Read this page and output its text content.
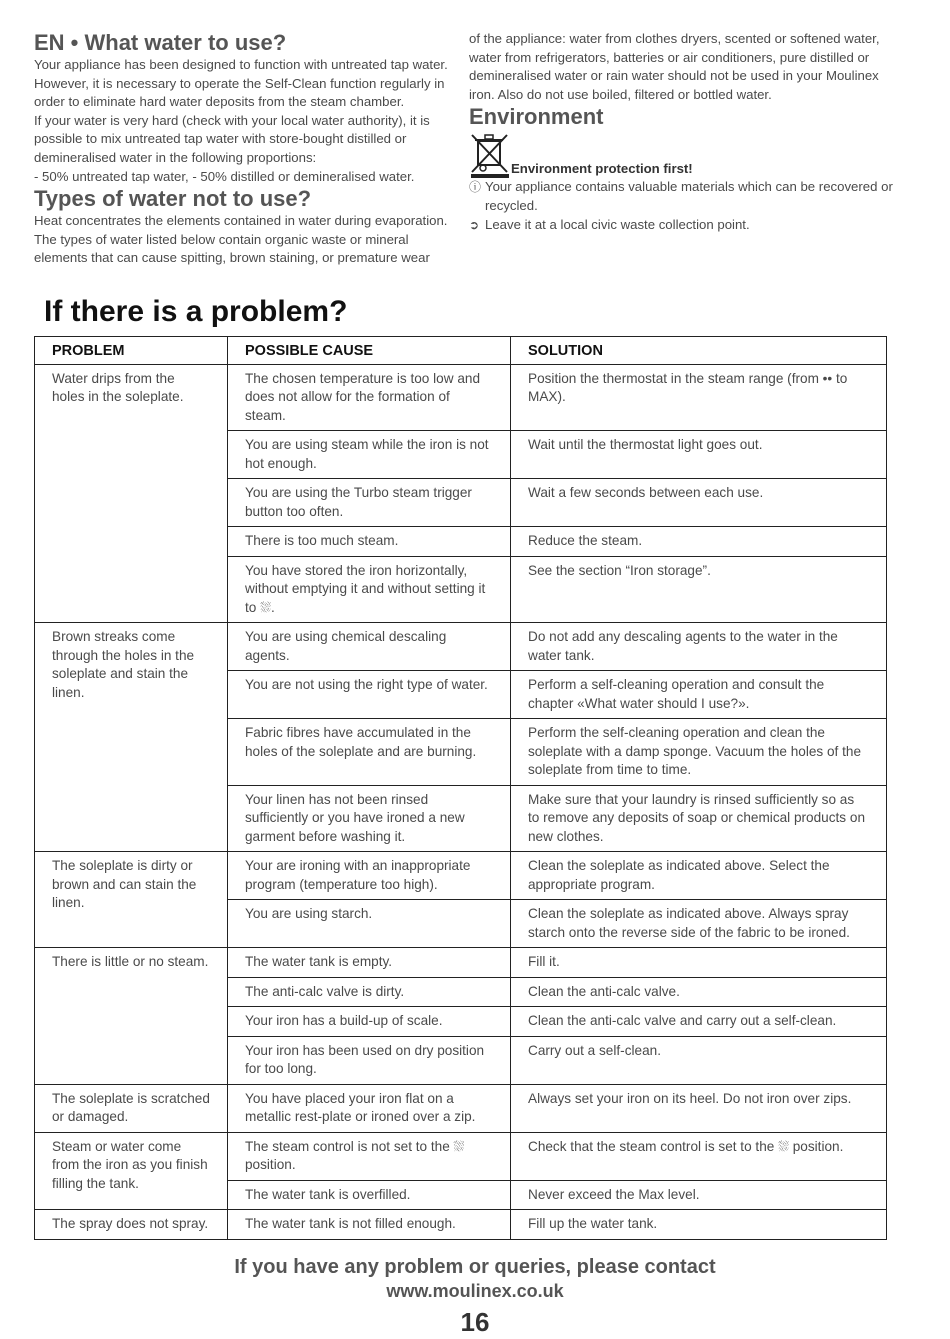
EN • What water to use?

Your appliance has been designed to function with untreated tap water. However, it is necessary to operate the Self-Clean function regularly in order to eliminate hard water deposits from the steam chamber.

If your water is very hard (check with your local water authority), it is possible to mix untreated tap water with store-bought distilled or demineralised water in the following proportions:

- 50% untreated tap water, - 50% distilled or demineralised water.

Types of water not to use?

Heat concentrates the elements contained in water during evaporation. The types of water listed below contain organic waste or mineral elements that can cause spitting, brown staining, or premature wear

of the appliance: water from clothes dryers, scented or softened water, water from refrigerators, batteries or air conditioners, pure distilled or demineralised water or rain water should not be used in your Moulinex iron. Also do not use boiled, filtered or bottled water.

Environment
Environment protection first!
ⓘ Your appliance contains valuable materials which can be recovered or recycled.
➲ Leave it at a local civic waste collection point.
If there is a problem?
PROBLEM	POSSIBLE CAUSE	SOLUTION
Water drips from the holes in the soleplate.	The chosen temperature is too low and does not allow for the formation of steam.	Position the thermostat in the steam range (from •• to MAX).
	You are using steam while the iron is not hot enough.	Wait until the thermostat light goes out.
	You are using the Turbo steam trigger button too often.	Wait a few seconds between each use.
	There is too much steam.	Reduce the steam.
	You have stored the iron horizontally, without emptying it and without setting it to ⛆.	See the section “Iron storage”.
Brown streaks come through the holes in the soleplate and stain the linen.	You are using chemical descaling agents.	Do not add any descaling agents to the water in the water tank.
	You are not using the right type of water.	Perform a self-cleaning operation and consult the chapter «What water should I use?».
	Fabric fibres have accumulated in the holes of the soleplate and are burning.	Perform the self-cleaning operation and clean the soleplate with a damp sponge. Vacuum the holes of the soleplate from time to time.
	Your linen has not been rinsed sufficiently or you have ironed a new garment before washing it.	Make sure that your laundry is rinsed sufficiently so as to remove any deposits of soap or chemical products on new clothes.
The soleplate is dirty or brown and can stain the linen.	Your are ironing with an inappropriate program (temperature too high).	Clean the soleplate as indicated above. Select the appropriate program.
	You are using starch.	Clean the soleplate as indicated above. Always spray starch onto the reverse side of the fabric to be ironed.
There is little or no steam.	The water tank is empty.	Fill it.
	The anti-calc valve is dirty.	Clean the anti-calc valve.
	Your iron has a build-up of scale.	Clean the anti-calc valve and carry out a self-clean.
	Your iron has been used on dry position for too long.	Carry out a self-clean.
The soleplate is scratched or damaged.	You have placed your iron flat on a metallic rest-plate or ironed over a zip.	Always set your iron on its heel. Do not iron over zips.
Steam or water come from the iron as you finish filling the tank.	The steam control is not set to the ⛆ position.	Check that the steam control is set to the ⛆ position.
	The water tank is overfilled.	Never exceed the Max level.
The spray does not spray.	The water tank is not filled enough.	Fill up the water tank.
If you have any problem or queries, please contact
www.moulinex.co.uk
16
